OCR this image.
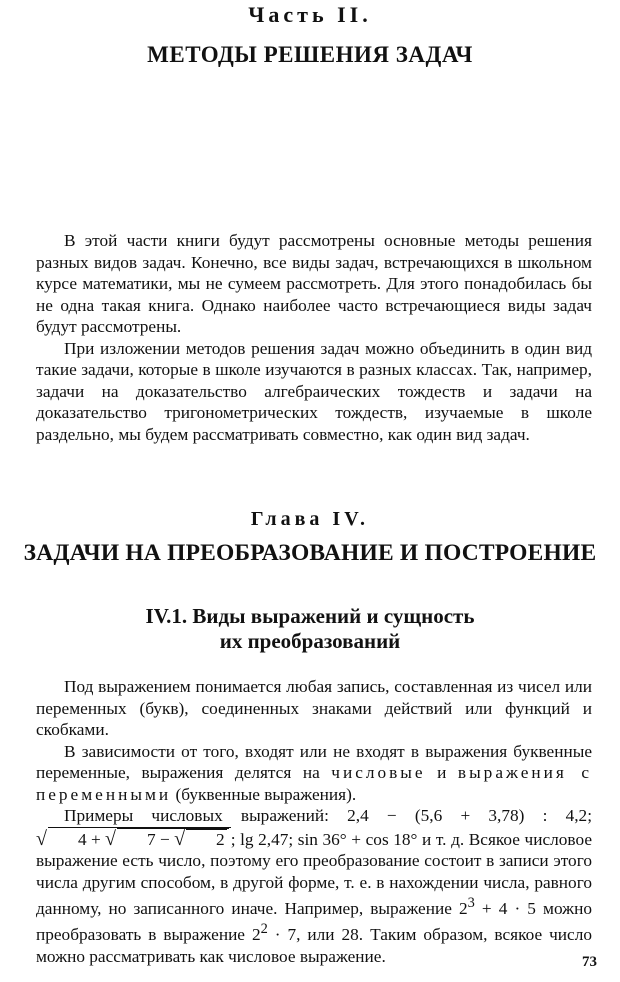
Часть II.
МЕТОДЫ РЕШЕНИЯ ЗАДАЧ

В этой части книги будут рассмотрены основные методы решения разных видов задач. Конечно, все виды задач, встречающихся в школьном курсе математики, мы не сумеем рассмотреть. Для этого понадобилась бы не одна такая книга. Однако наиболее часто встречающиеся виды задач будут рассмотрены.

При изложении методов решения задач можно объединить в один вид такие задачи, которые в школе изучаются в разных классах. Так, например, задачи на доказательство алгебраических тождеств и задачи на доказательство тригонометрических тождеств, изучаемые в школе раздельно, мы будем рассматривать совместно, как один вид задач.

Глава IV.
ЗАДАЧИ НА ПРЕОБРАЗОВАНИЕ И ПОСТРОЕНИЕ
IV.1. Виды выражений и сущность
их преобразований

Под выражением понимается любая запись, составленная из чисел или переменных (букв), соединенных знаками действий или функций и скобками.

В зависимости от того, входят или не входят в выражения буквенные переменные, выражения делятся на числовые и выражения с переменными (буквенные выражения).

Примеры числовых выражений: 2,4 − (5,6 + 3,78) : 4,2; √ 4 + √ 7 − √ 2 ; lg 2,47; sin 36° + cos 18° и т. д. Всякое числовое выражение есть число, поэтому его преобразование состоит в записи этого числа другим способом, в другой форме, т. е. в нахождении числа, равного данному, но записанного иначе. Например, выражение $2^3 + 4 \cdot 5$ можно преобразовать в выражение $2^2 \cdot 7$, или 28. Таким образом, всякое число можно рассматривать как числовое выражение.	73
